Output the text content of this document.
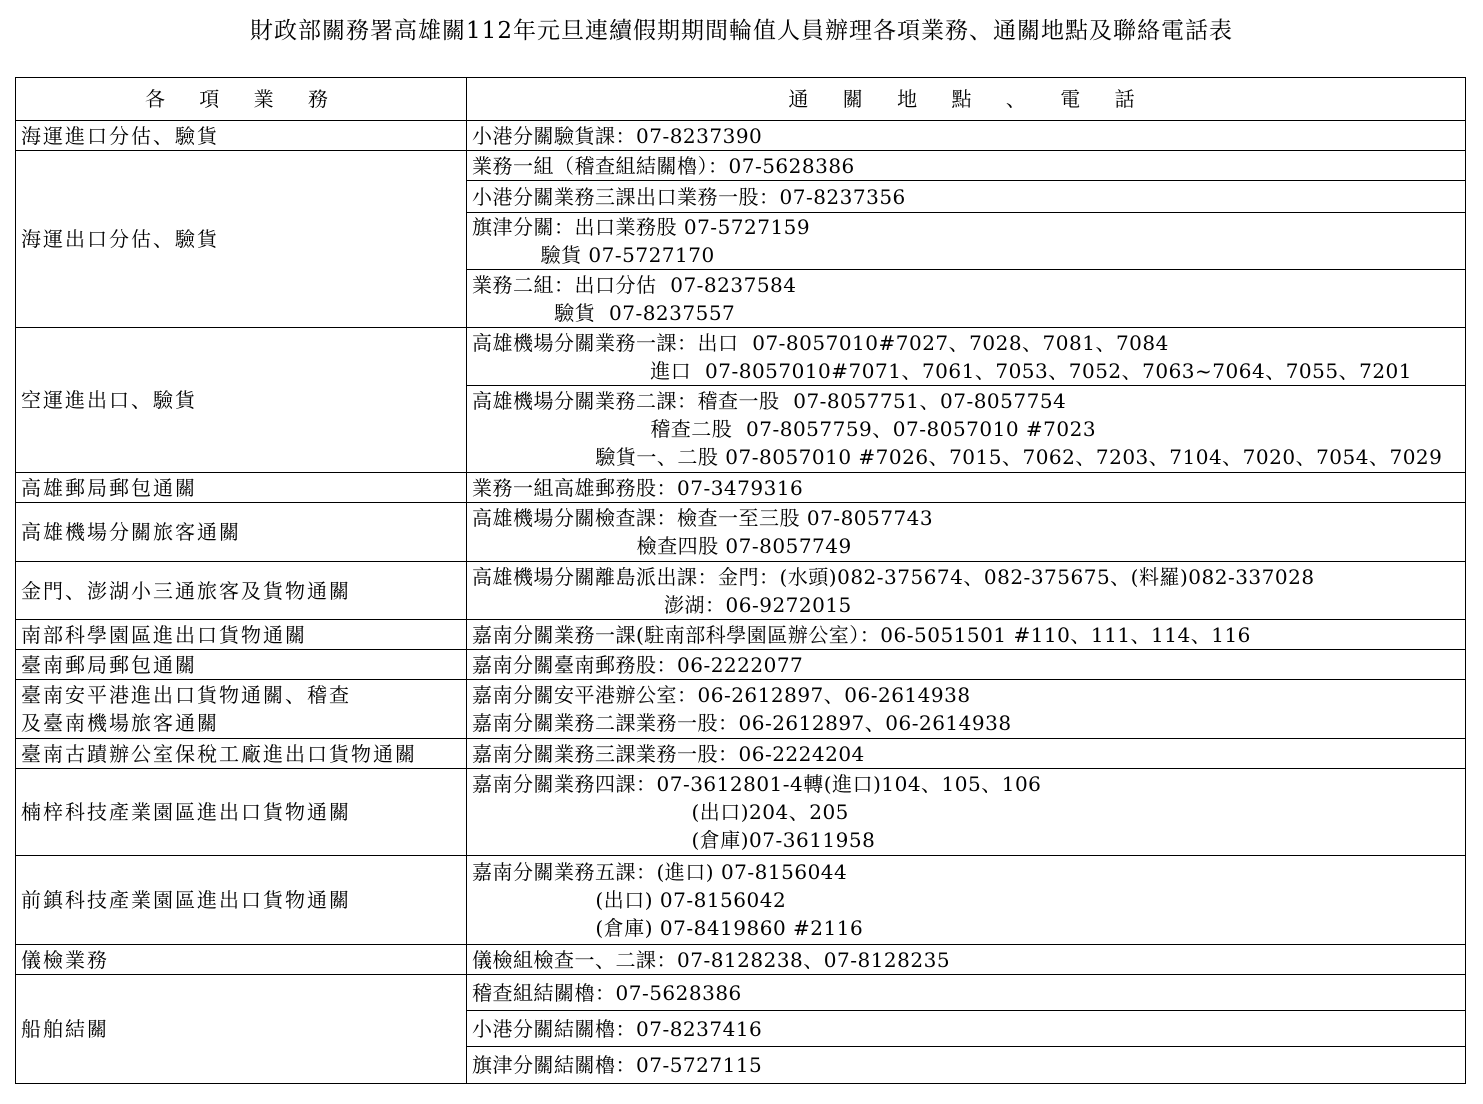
財政部關務署高雄關112年元旦連續假期期間輪值人員辦理各項業務、通關地點及聯絡電話表
各 項 業 務	通 關 地 點 、 電 話
海運進口分估、驗貨	小港分關驗貨課：07-8237390
海運出口分估、驗貨	業務一組（稽查組結關櫓）：07-5628386
	小港分關業務三課出口業務一股：07-8237356
	旗津分關：出口業務股 07-5727159
驗貨 07-5727170
	業務二組：出口分估  07-8237584
驗貨  07-8237557
空運進出口、驗貨	高雄機場分關業務一課：出口  07-8057010#7027、7028、7081、7084
進口  07-8057010#7071、7061、7053、7052、7063~7064、7055、7201
	高雄機場分關業務二課：稽查一股  07-8057751、07-8057754
稽查二股  07-8057759、07-8057010 #7023
驗貨一、二股 07-8057010 #7026、7015、7062、7203、7104、7020、7054、7029
高雄郵局郵包通關	業務一組高雄郵務股：07-3479316
高雄機場分關旅客通關	高雄機場分關檢查課：檢查一至三股 07-8057743
檢查四股 07-8057749
金門、澎湖小三通旅客及貨物通關	高雄機場分關離島派出課：金門：(水頭)082-375674、082-375675、(料羅)082-337028
澎湖：06-9272015
南部科學園區進出口貨物通關	嘉南分關業務一課(駐南部科學園區辦公室）：06-5051501 #110、111、114、116
臺南郵局郵包通關	嘉南分關臺南郵務股：06-2222077
臺南安平港進出口貨物通關、稽查
及臺南機場旅客通關	嘉南分關安平港辦公室：06-2612897、06-2614938
嘉南分關業務二課業務一股：06-2612897、06-2614938
臺南古蹟辦公室保稅工廠進出口貨物通關	嘉南分關業務三課業務一股：06-2224204
楠梓科技產業園區進出口貨物通關	嘉南分關業務四課：07-3612801-4轉(進口)104、105、106
(出口)204、205
(倉庫)07-3611958
前鎮科技產業園區進出口貨物通關	嘉南分關業務五課：(進口) 07-8156044
(出口) 07-8156042
(倉庫) 07-8419860 #2116
儀檢業務	儀檢組檢查一、二課：07-8128238、07-8128235
船舶結關	稽查組結關櫓：07-5628386
	小港分關結關櫓：07-8237416
	旗津分關結關櫓：07-5727115
